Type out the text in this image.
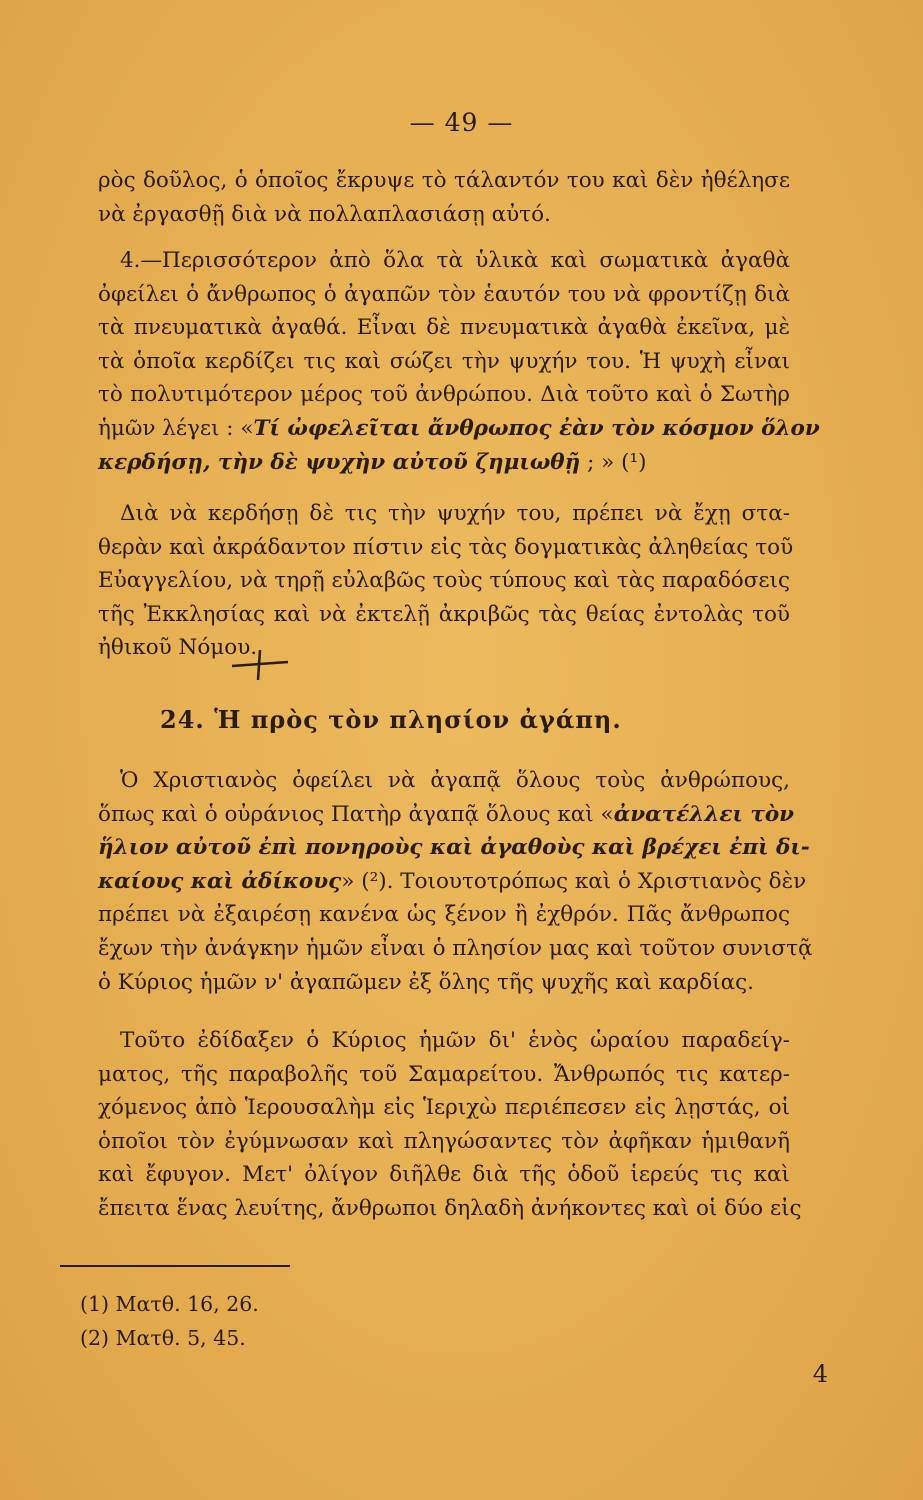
— 49 —
ρὸς δοῦλος, ὁ ὁποῖος ἔκρυψε τὸ τάλαντόν του καὶ δὲν ἠθέλησε
νὰ ἐργασθῇ διὰ νὰ πολλαπλασιάσῃ αὐτό.
4.—Περισσότερον ἀπὸ ὅλα τὰ ὑλικὰ καὶ σωματικὰ ἀγαθὰ
ὀφείλει ὁ ἄνθρωπος ὁ ἀγαπῶν τὸν ἑαυτόν του νὰ φροντίζῃ διὰ
τὰ πνευματικὰ ἀγαθά. Εἶναι δὲ πνευματικὰ ἀγαθὰ ἐκεῖνα, μὲ
τὰ ὁποῖα κερδίζει τις καὶ σώζει τὴν ψυχήν του. Ἡ ψυχὴ εἶναι
τὸ πολυτιμότερον μέρος τοῦ ἀνθρώπου. Διὰ τοῦτο καὶ ὁ Σωτὴρ
ἡμῶν λέγει : «Τί ὠφελεῖται ἄνθρωπος ἐὰν τὸν κόσμον ὅλον
κερδήσῃ, τὴν δὲ ψυχὴν αὐτοῦ ζημιωθῇ ; » (¹)
Διὰ νὰ κερδήσῃ δὲ τις τὴν ψυχήν του, πρέπει νὰ ἔχῃ στα-
θερὰν καὶ ἀκράδαντον πίστιν εἰς τὰς δογματικὰς ἀληθείας τοῦ
Εὐαγγελίου, νὰ τηρῇ εὐλαβῶς τοὺς τύπους καὶ τὰς παραδόσεις
τῆς Ἐκκλησίας καὶ νὰ ἐκτελῇ ἀκριβῶς τὰς θείας ἐντολὰς τοῦ
ἠθικοῦ Νόμου.
24. Ἡ πρὸς τὸν πλησίον ἀγάπη.
Ὁ Χριστιανὸς ὀφείλει νὰ ἀγαπᾷ ὅλους τοὺς ἀνθρώπους,
ὅπως καὶ ὁ οὐράνιος Πατὴρ ἀγαπᾷ ὅλους καὶ «ἀνατέλλει τὸν
ἥλιον αὐτοῦ ἐπὶ πονηροὺς καὶ ἀγαθοὺς καὶ βρέχει ἐπὶ δι-
καίους καὶ ἀδίκους» (²). Τοιουτοτρόπως καὶ ὁ Χριστιανὸς δὲν
πρέπει νὰ ἐξαιρέσῃ κανένα ὡς ξένον ἢ ἐχθρόν. Πᾶς ἄνθρωπος
ἔχων τὴν ἀνάγκην ἡμῶν εἶναι ὁ πλησίον μας καὶ τοῦτον συνιστᾷ
ὁ Κύριος ἡμῶν ν' ἀγαπῶμεν ἐξ ὅλης τῆς ψυχῆς καὶ καρδίας.
Τοῦτο ἐδίδαξεν ὁ Κύριος ἡμῶν δι' ἑνὸς ὡραίου παραδείγ-
ματος, τῆς παραβολῆς τοῦ Σαμαρείτου. Ἄνθρωπός τις κατερ-
χόμενος ἀπὸ Ἱερουσαλὴμ εἰς Ἱεριχὼ περιέπεσεν εἰς λῃστάς, οἱ
ὁποῖοι τὸν ἐγύμνωσαν καὶ πληγώσαντες τὸν ἀφῆκαν ἡμιθανῆ
καὶ ἔφυγον. Μετ' ὀλίγον διῆλθε διὰ τῆς ὁδοῦ ἱερεύς τις καὶ
ἔπειτα ἕνας λευίτης, ἄνθρωποι δηλαδὴ ἀνήκοντες καὶ οἱ δύο εἰς
(1) Ματθ. 16, 26.
(2) Ματθ. 5, 45.
4
